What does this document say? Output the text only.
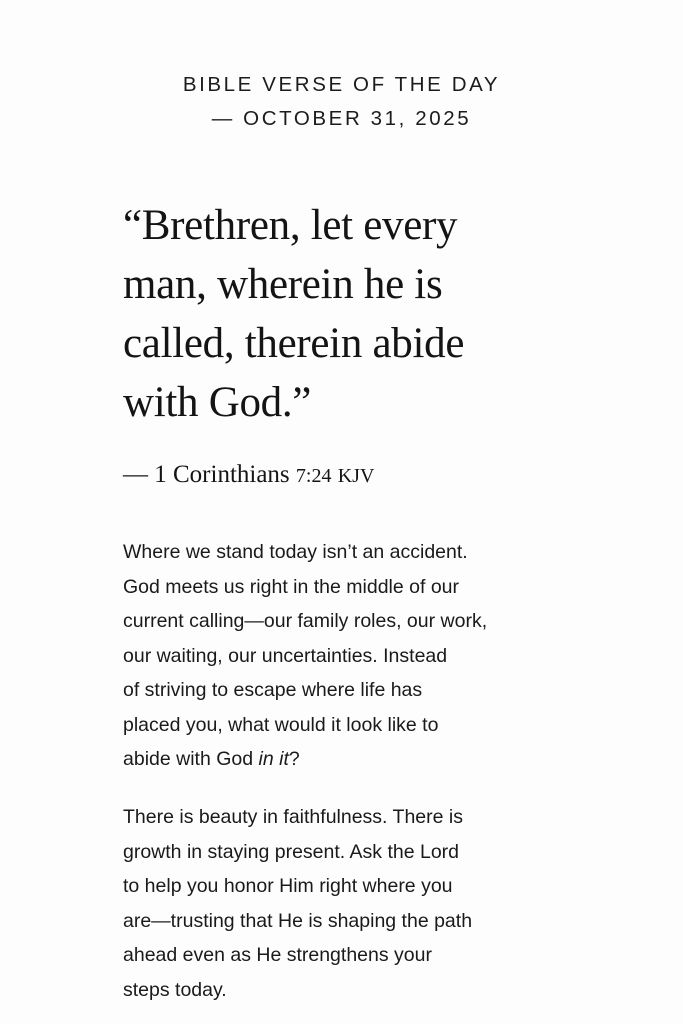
BIBLE VERSE OF THE DAY
— OCTOBER 31, 2025
“Brethren, let every
man, wherein he is
called, therein abide
with God.”
— 1 Corinthians 7:24 KJV
Where we stand today isn’t an accident.
God meets us right in the middle of our
current calling—our family roles, our work,
our waiting, our uncertainties. Instead
of striving to escape where life has
placed you, what would it look like to
abide with God in it?
There is beauty in faithfulness. There is
growth in staying present. Ask the Lord
to help you honor Him right where you
are—trusting that He is shaping the path
ahead even as He strengthens your
steps today.
